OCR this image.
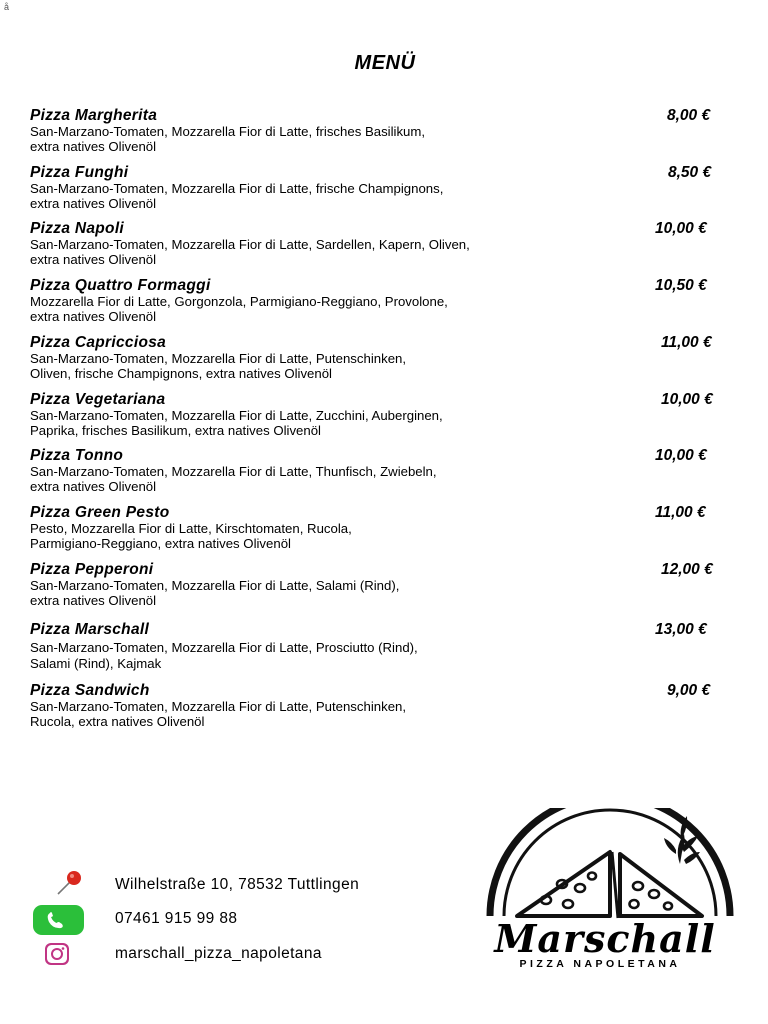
å
MENÜ
Pizza Margherita	8,00 €
San-Marzano-Tomaten, Mozzarella Fior di Latte, frisches Basilikum,
extra natives Olivenöl
Pizza Funghi	8,50 €
San-Marzano-Tomaten, Mozzarella Fior di Latte, frische Champignons,
extra natives Olivenöl
Pizza Napoli	10,00 €
San-Marzano-Tomaten, Mozzarella Fior di Latte, Sardellen, Kapern, Oliven,
extra natives Olivenöl
Pizza Quattro Formaggi	10,50 €
Mozzarella Fior di Latte, Gorgonzola, Parmigiano-Reggiano, Provolone,
extra natives Olivenöl
Pizza Capricciosa	11,00 €
San-Marzano-Tomaten, Mozzarella Fior di Latte, Putenschinken,
Oliven, frische Champignons, extra natives Olivenöl
Pizza Vegetariana	10,00 €
San-Marzano-Tomaten, Mozzarella Fior di Latte, Zucchini, Auberginen,
Paprika, frisches Basilikum, extra natives Olivenöl
Pizza Tonno	10,00 €
San-Marzano-Tomaten, Mozzarella Fior di Latte, Thunfisch, Zwiebeln,
extra natives Olivenöl
Pizza Green Pesto	11,00 €
Pesto, Mozzarella Fior di Latte, Kirschtomaten, Rucola,
Parmigiano-Reggiano, extra natives Olivenöl
Pizza Pepperoni	12,00 €
San-Marzano-Tomaten, Mozzarella Fior di Latte, Salami (Rind),
extra natives Olivenöl
Pizza Marschall	13,00 €
San-Marzano-Tomaten, Mozzarella Fior di Latte, Prosciutto (Rind),
Salami (Rind), Kajmak
Pizza Sandwich	9,00 €
San-Marzano-Tomaten, Mozzarella Fior di Latte, Putenschinken,
Rucola, extra natives Olivenöl
Wilhelstraße 10, 78532 Tuttlingen
07461 915 99 88
marschall_pizza_napoletana	Marschall
PIZZA NAPOLETANA
